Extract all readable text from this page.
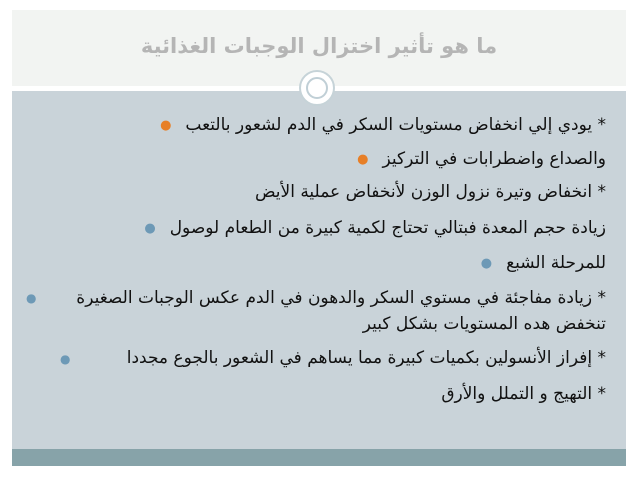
ما هو تأثير اختزال الوجبات الغذائية
* يودي إلي انخفاض مستويات السكر في الدم لشعور بالتعب●
والصداع واضطرابات في التركيز●
* انخفاض وتيرة نزول الوزن لأنخفاض عملية الأيض
زيادة حجم المعدة فبتالي تحتاج لكمية كبيرة من الطعام لوصول●
للمرحلة الشبع●
* زيادة مفاجئة في مستوي السكر والدهون في الدم عكس الوجبات الصغيرة
●
تنخفض هده المستويات بشكل كبير
* إفراز الأنسولين بكميات كبيرة مما يساهم في الشعور بالجوع مجددا
●
* التهيج و التملل والأرق
